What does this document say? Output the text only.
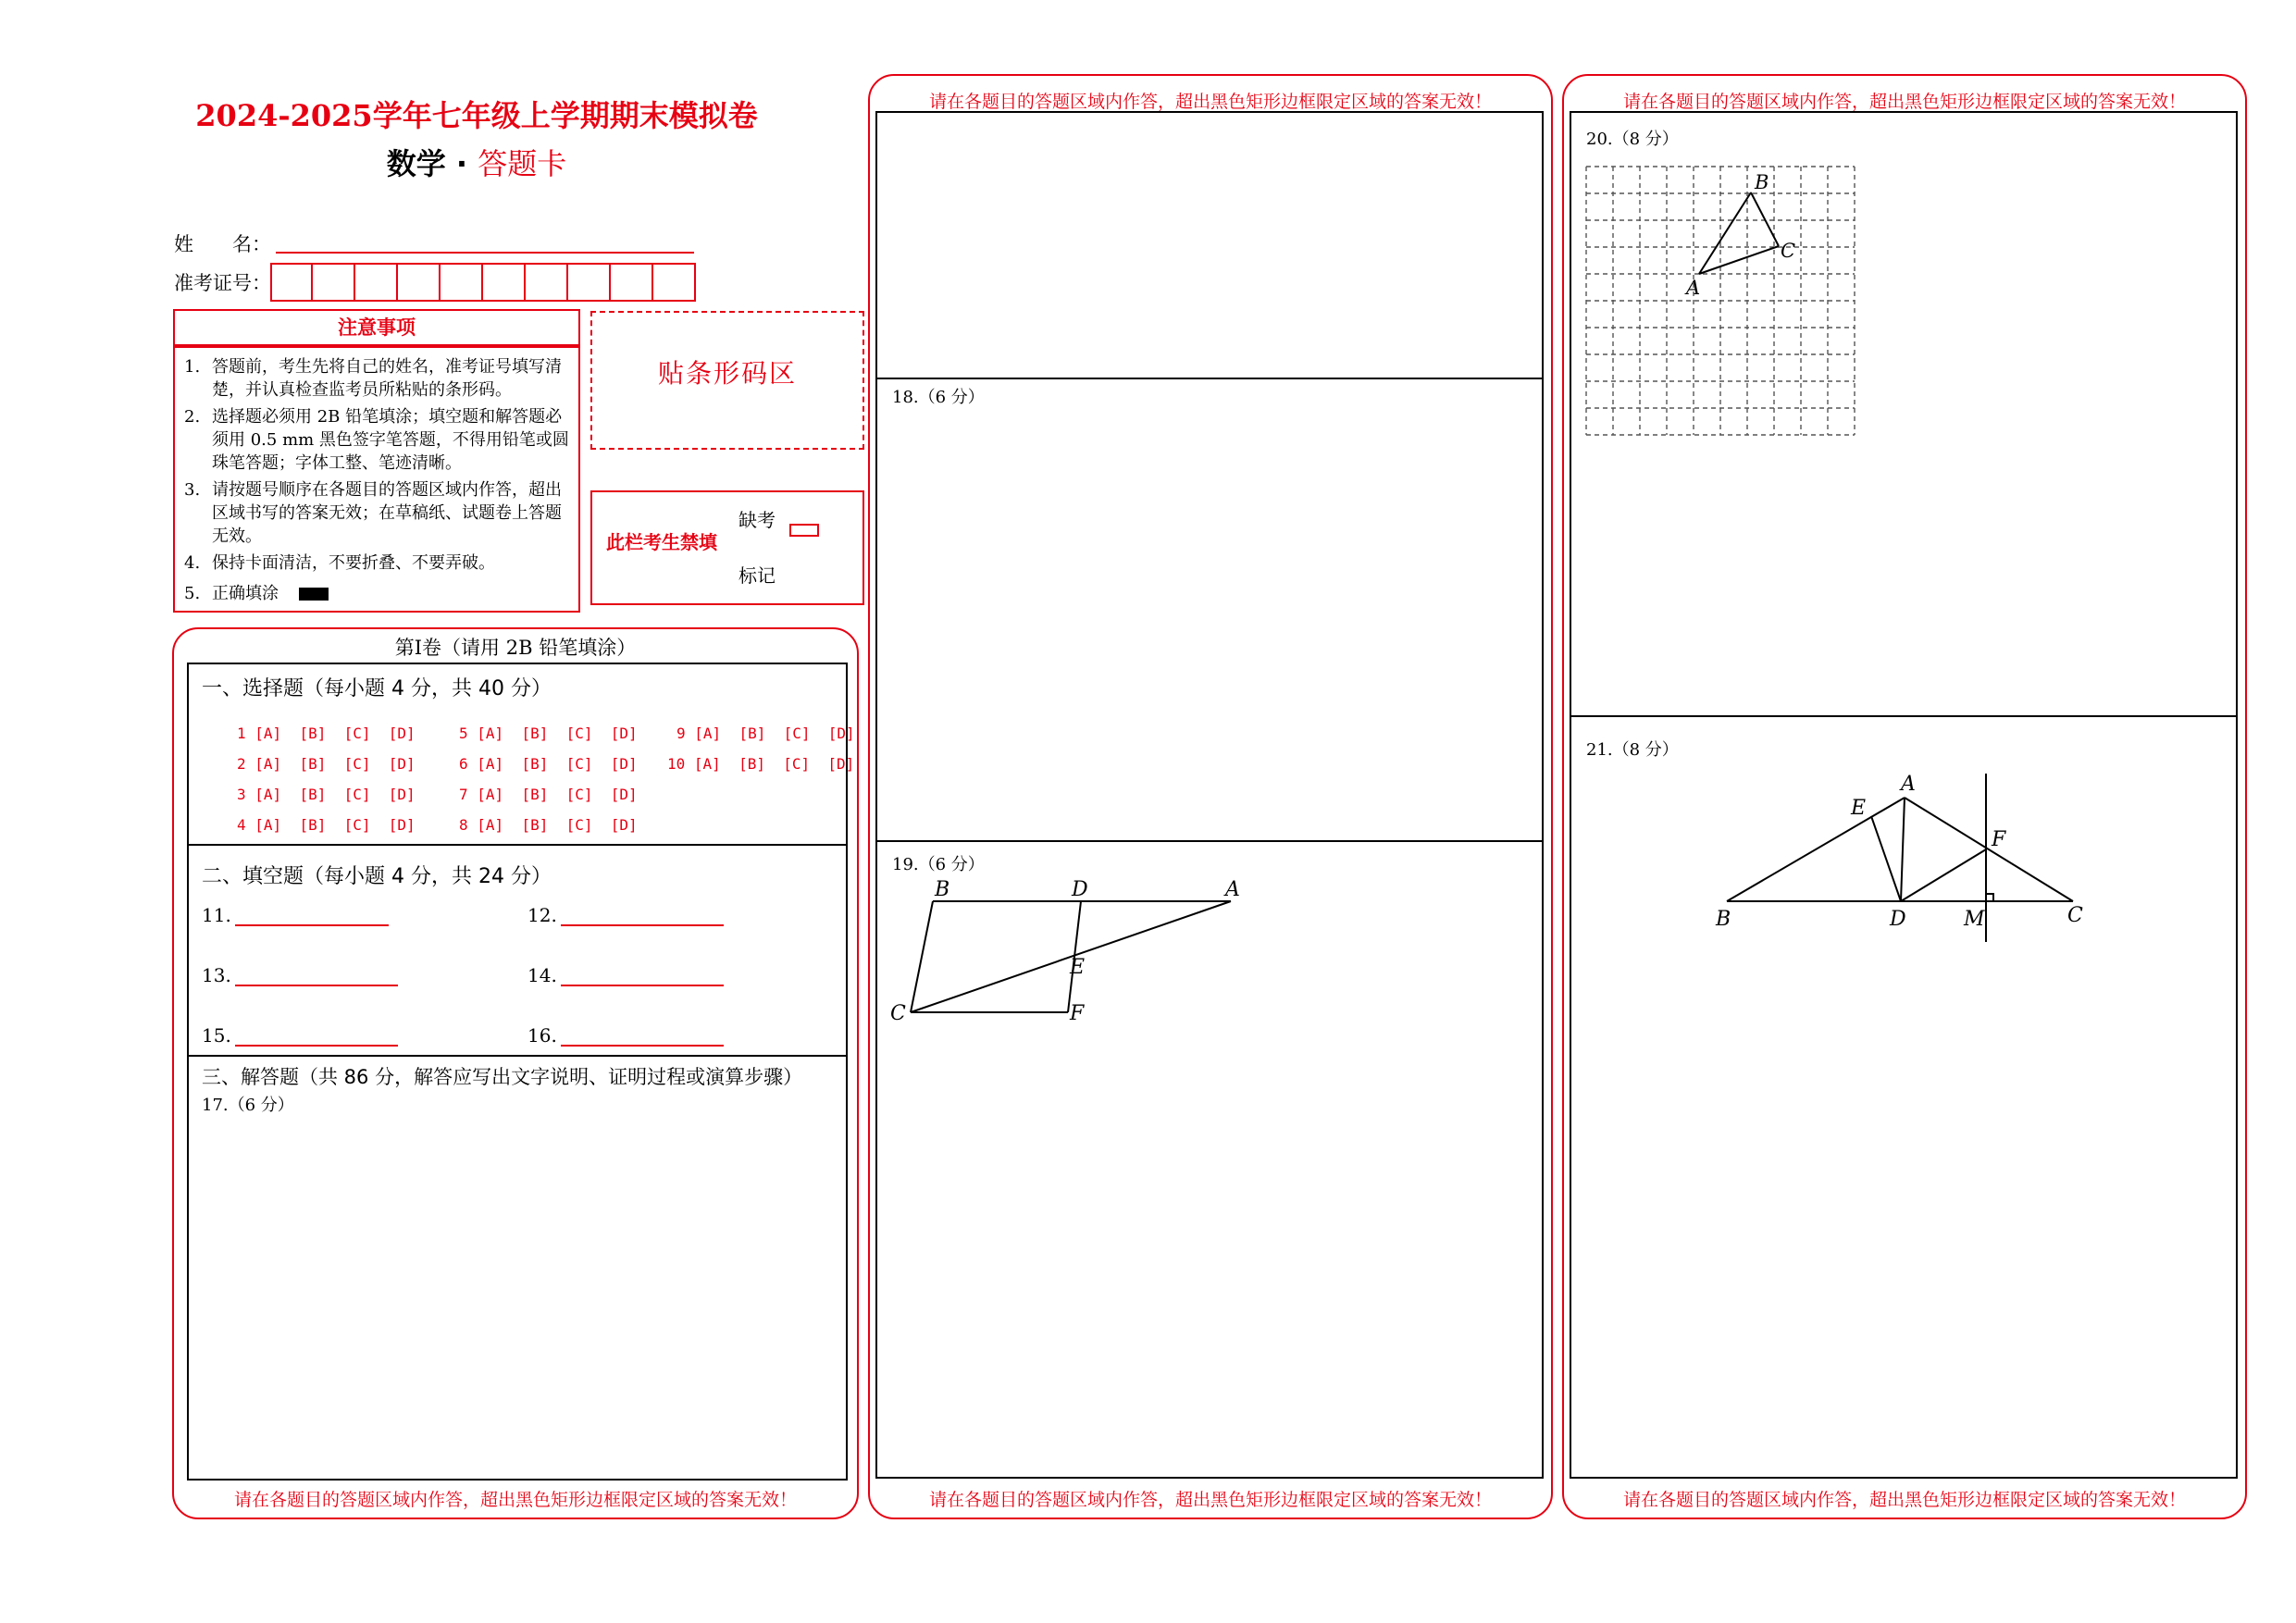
2024-2025学年七年级上学期期末模拟卷
数学 · 答题卡
姓　　名：
准考证号：
注意事项
1. 答题前，考生先将自己的姓名，准考证号填写清楚，并认真检查监考员所粘贴的条形码。
2. 选择题必须用 2B 铅笔填涂；填空题和解答题必须用 0.5 mm 黑色签字笔答题，不得用铅笔或圆珠笔答题；字体工整、笔迹清晰。
3. 请按题号顺序在各题目的答题区域内作答，超出区域书写的答案无效；在草稿纸、试题卷上答题无效。
4. 保持卡面清洁，不要折叠、不要弄破。
5. 正确填涂
贴条形码区
此栏考生禁填
缺考
标记
第Ⅰ卷（请用 2B 铅笔填涂）
一、选择题（每小题 4 分，共 40 分）
1 [A]  [B]  [C]  [D]
2 [A]  [B]  [C]  [D]
3 [A]  [B]  [C]  [D]
4 [A]  [B]  [C]  [D]
5 [A]  [B]  [C]  [D]
6 [A]  [B]  [C]  [D]
7 [A]  [B]  [C]  [D]
8 [A]  [B]  [C]  [D]
9 [A]  [B]  [C]  [D]
10 [A]  [B]  [C]  [D]
二、填空题（每小题 4 分，共 24 分）
11.	12.
13.	14.
15.	16.
三、解答题（共 86 分，解答应写出文字说明、证明过程或演算步骤）
17.（6 分）
请在各题目的答题区域内作答，超出黑色矩形边框限定区域的答案无效！
请在各题目的答题区域内作答，超出黑色矩形边框限定区域的答案无效！
18.（6 分）
19.（6 分）
B	D	A
E
C	F
请在各题目的答题区域内作答，超出黑色矩形边框限定区域的答案无效！
请在各题目的答题区域内作答，超出黑色矩形边框限定区域的答案无效！
20.（8 分）
B
C
A
21.（8 分）
A
E
F
B	D	M	C
请在各题目的答题区域内作答，超出黑色矩形边框限定区域的答案无效！
